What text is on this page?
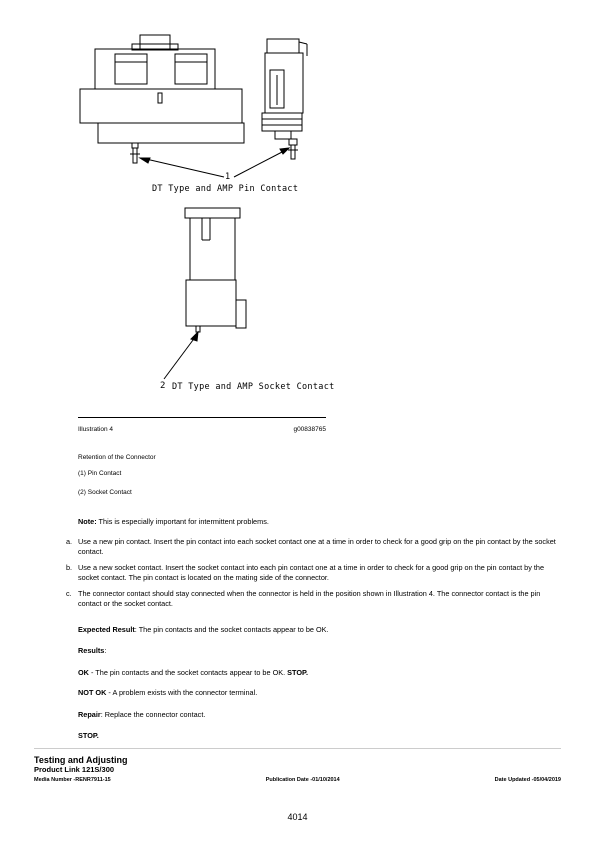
1
DT Type and AMP Pin Contact
2 DT Type and AMP Socket Contact
Illustration 4	g00838765
Retention of the Connector
(1) Pin Contact
(2) Socket Contact
Note: This is especially important for intermittent problems.
a. Use a new pin contact. Insert the pin contact into each socket contact one at a time in order to check for a good grip on the pin contact by the socket contact.
b. Use a new socket contact. Insert the socket contact into each pin contact one at a time in order to check for a good grip on the pin contact by the socket contact. The pin contact is located on the mating side of the connector.
c. The connector contact should stay connected when the connector is held in the position shown in Illustration 4. The connector contact is the pin contact or the socket contact.
Expected Result: The pin contacts and the socket contacts appear to be OK.
Results:
OK - The pin contacts and the socket contacts appear to be OK. STOP.
NOT OK - A problem exists with the connector terminal.
Repair: Replace the connector contact.
STOP.
Testing and Adjusting
Product Link 121S/300
Media Number -RENR7911-15	Publication Date -01/10/2014	Date Updated -05/04/2019
4014
